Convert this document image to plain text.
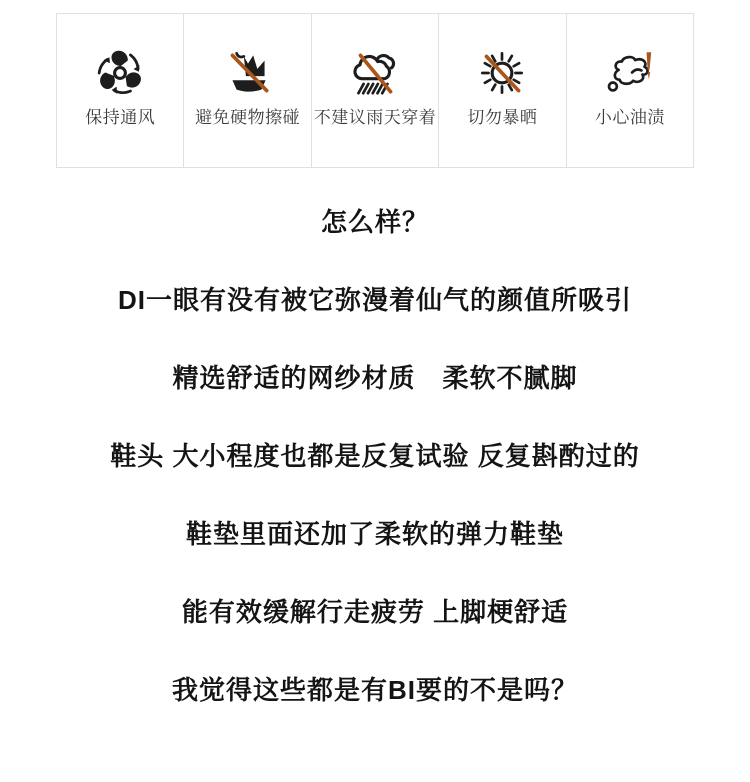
保持通风 避免硬物擦碰 不建议雨天穿着 切勿暴晒	小心油渍

怎么样？

DI一眼有没有被它弥漫着仙气的颜值所吸引

精选舒适的网纱材质　柔软不腻脚

鞋头 大小程度也都是反复试验 反复斟酌过的

鞋垫里面还加了柔软的弹力鞋垫

能有效缓解行走疲劳 上脚梗舒适

我觉得这些都是有BI要的不是吗？
